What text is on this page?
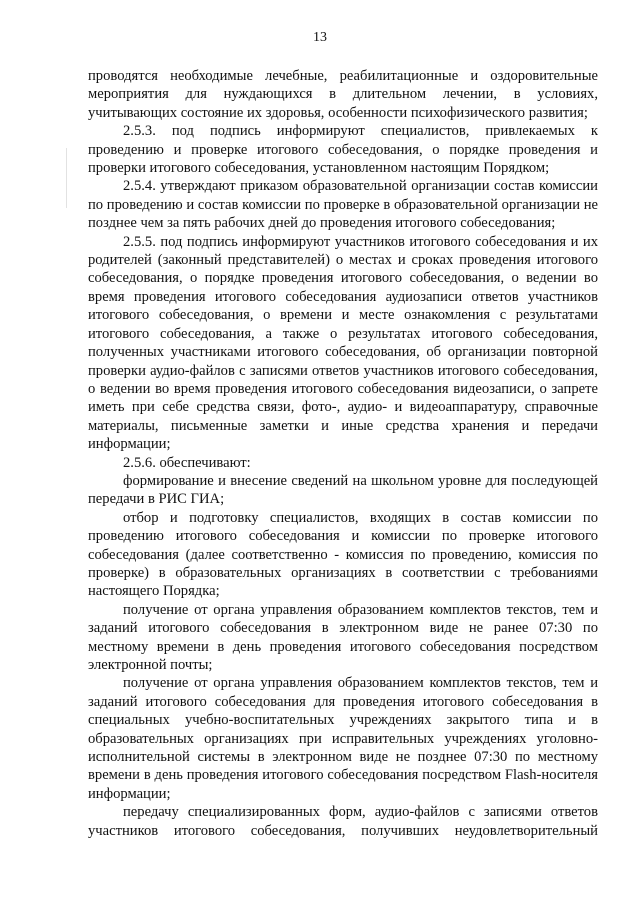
13

проводятся необходимые лечебные, реабилитационные и оздоровительные мероприятия для нуждающихся в длительном лечении, в условиях, учитывающих состояние их здоровья, особенности психофизического развития;

2.5.3. под подпись информируют специалистов, привлекаемых к проведению и проверке итогового собеседования, о порядке проведения и проверки итогового собеседования, установленном настоящим Порядком;

2.5.4. утверждают приказом образовательной организации состав комиссии по проведению и состав комиссии по проверке в образовательной организации не позднее чем за пять рабочих дней до проведения итогового собеседования;

2.5.5. под подпись информируют участников итогового собеседования и их родителей (законный представителей) о местах и сроках проведения итогового собеседования, о порядке проведения итогового собеседования, о ведении во время проведения итогового собеседования аудиозаписи ответов участников итогового собеседования, о времени и месте ознакомления с результатами итогового собеседования, а также о результатах итогового собеседования, полученных участниками итогового собеседования, об организации повторной проверки аудио-файлов с записями ответов участников итогового собеседования, о ведении во время проведения итогового собеседования видеозаписи, о запрете иметь при себе средства связи, фото-, аудио- и видеоаппаратуру, справочные материалы, письменные заметки и иные средства хранения и передачи информации;

2.5.6. обеспечивают:

формирование и внесение сведений на школьном уровне для последующей передачи в РИС ГИА;

отбор и подготовку специалистов, входящих в состав комиссии по проведению итогового собеседования и комиссии по проверке итогового собеседования (далее соответственно - комиссия по проведению, комиссия по проверке) в образовательных организациях в соответствии с требованиями настоящего Порядка;

получение от органа управления образованием комплектов текстов, тем и заданий итогового собеседования в электронном виде не ранее 07:30 по местному времени в день проведения итогового собеседования посредством электронной почты;

получение от органа управления образованием комплектов текстов, тем и заданий итогового собеседования для проведения итогового собеседования в специальных учебно-воспитательных учреждениях закрытого типа и в образовательных организациях при исправительных учреждениях уголовно-исполнительной системы в электронном виде не позднее 07:30 по местному времени в день проведения итогового собеседования посредством Flash-носителя информации;

передачу специализированных форм, аудио-файлов с записями ответов участников итогового собеседования, получивших неудовлетворительный
